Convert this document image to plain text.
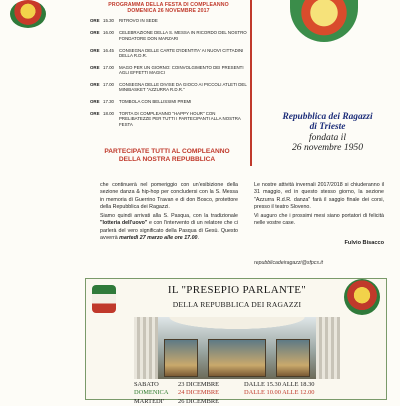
PROGRAMMA DELLA FESTA DI COMPLEANNO
DOMENICA 26 NOVEMBRE 2017
ORE 15.30	RITROVO IN SEDE
ORE 16.00	CELEBRAZIONE DELLA S. MESSA IN RICORDO DEL NOSTRO FONDATORE DON MARZARI
ORE 16.45	CONSEGNA DELLE CARTE D'IDENTITA' AI NUOVI CITTADINI DELLA R.D.R.
ORE 17.00	MAGO PER UN GIORNO: COINVOLGIMENTO DEI PRESENTI AGLI EFFETTI MAGICI
ORE 17.00	CONSEGNA DELLE DIVISE DA GIOCO AI PICCOLI ATLETI DEL MINIBASKET "AZZURRA R.D.R."
ORE 17.30	TOMBOLA CON BELLISSIMI PREMI
ORE 18.00	TORTA DI COMPLEANNO "HAPPY HOUR" CON PRELIBATEZZE PER TUTTI I PARTECIPANTI ALLA NOSTRA FESTA
PARTECIPATE TUTTI AL COMPLEANNO
DELLA NOSTRA REPUBBLICA
Repubblica dei Ragazzi
di Trieste
fondata il
26 novembre 1950

che continuerà nel pomeriggio con un'esibizione della sezione danza & hip-hop per concludersi con la S. Messa in memoria di Guerrino Travan e di don Bosco, protettore della Repubblica dei Ragazzi.

Siamo quindi arrivati alla S. Pasqua, con la tradizionale "lotteria dell'uovo" e con l'intervento di un relatore che ci parlerà del vero significato della Pasqua di Gesù. Questo avverrà martedì 27 marzo alle ore 17.00.

Le nostre attività invernali 2017/2018 si chiuderanno il 31 maggio, ed in questo stesso giorno, la sezione "Azzurra R.d.R. danza" farà il saggio finale dei corsi, presso il teatro Sloveno.

Vi auguro che i prossimi mesi siano portatori di felicità nelle vostre case.

Fulvio Bisacco
repubblicadeiragazzi@sfpcs.it
IL "PRESEPIO PARLANTE"
DELLA REPUBBLICA DEI RAGAZZI
SABATO	23 DICEMBRE	DALLE 15.30 ALLE 18.30
DOMENICA	24 DICEMBRE	DALLE 10.00 ALLE 12.00
MARTEDI'	26 DICEMBRE
